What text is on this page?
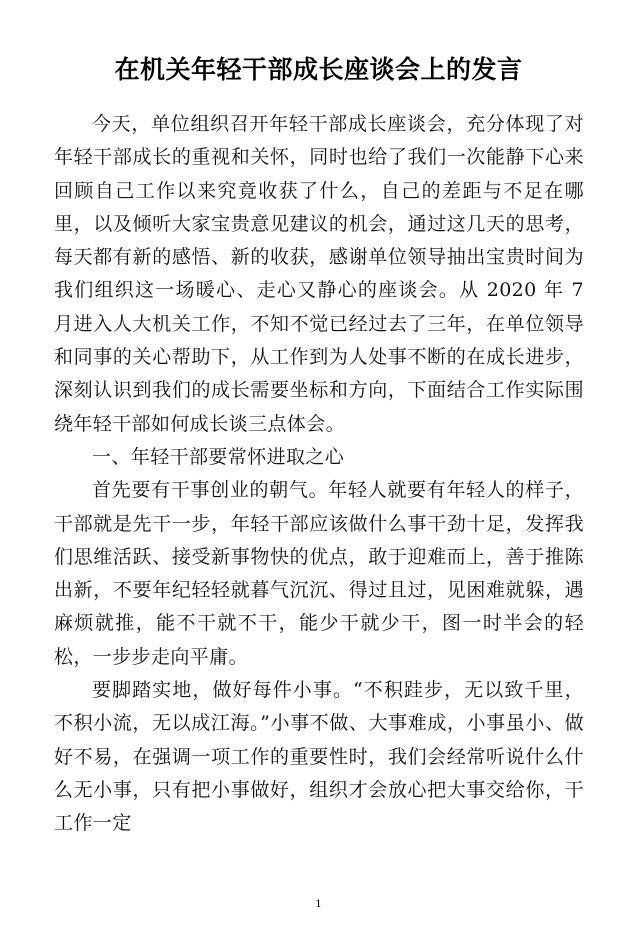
在机关年轻干部成长座谈会上的发言

今天，单位组织召开年轻干部成长座谈会，充分体现了对年轻干部成长的重视和关怀，同时也给了我们一次能静下心来回顾自己工作以来究竟收获了什么，自己的差距与不足在哪里，以及倾听大家宝贵意见建议的机会，通过这几天的思考，每天都有新的感悟、新的收获，感谢单位领导抽出宝贵时间为我们组织这一场暖心、走心又静心的座谈会。从 2020 年 7 月进入人大机关工作，不知不觉已经过去了三年，在单位领导和同事的关心帮助下，从工作到为人处事不断的在成长进步，深刻认识到我们的成长需要坐标和方向，下面结合工作实际围绕年轻干部如何成长谈三点体会。

一、年轻干部要常怀进取之心

首先要有干事创业的朝气。年轻人就要有年轻人的样子，干部就是先干一步，年轻干部应该做什么事干劲十足，发挥我们思维活跃、接受新事物快的优点，敢于迎难而上，善于推陈出新，不要年纪轻轻就暮气沉沉、得过且过，见困难就躲，遇麻烦就推，能不干就不干，能少干就少干，图一时半会的轻松，一步步走向平庸。

要脚踏实地，做好每件小事。“不积跬步，无以致千里，不积小流，无以成江海。”小事不做、大事难成，小事虽小、做好不易，在强调一项工作的重要性时，我们会经常听说什么什么无小事，只有把小事做好，组织才会放心把大事交给你，干工作一定

1
